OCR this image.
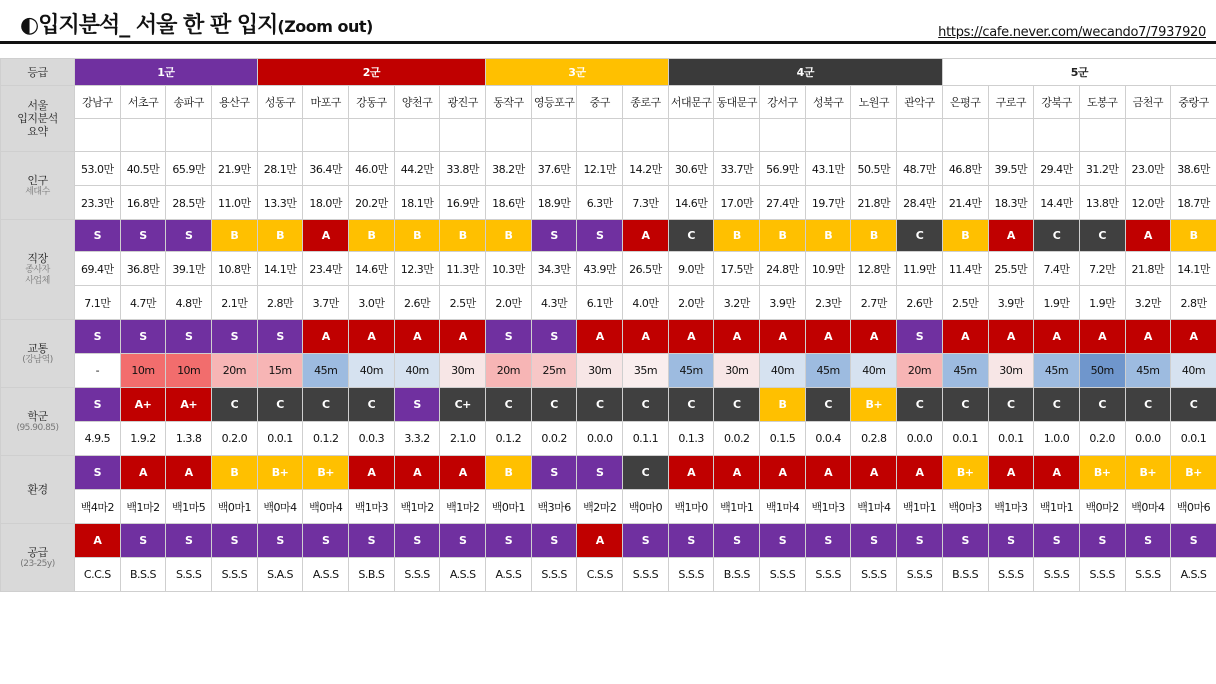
◐입지분석_ 서울 한 판 입지(Zoom out)	https://cafe.never.com/wecando7/7937920
등급	1군				2군					3군				4군						5군					

서울
입지분석
요약	강남구	서초구	송파구	용산구	성동구	마포구	강동구	양천구	광진구	동작구	영등포구	중구	종로구	서대문구	동대문구	강서구	성북구	노원구	관악구	은평구	구로구	강북구	도봉구	금천구	중랑구

인구
세대수	53.0만	40.5만	65.9만	21.9만	28.1만	36.4만	46.0만	44.2만	33.8만	38.2만	37.6만	12.1만	14.2만	30.6만	33.7만	56.9만	43.1만	50.5만	48.7만	46.8만	39.5만	29.4만	31.2만	23.0만	38.6만
	23.3만	16.8만	28.5만	11.0만	13.3만	18.0만	20.2만	18.1만	16.9만	18.6만	18.9만	6.3만	7.3만	14.6만	17.0만	27.4만	19.7만	21.8만	28.4만	21.4만	18.3만	14.4만	13.8만	12.0만	18.7만

직장
종사자
사업체	S	S	S	B	B	A	B	B	B	B	S	S	A	C	B	B	B	B	C	B	A	C	C	A	B
	69.4만	36.8만	39.1만	10.8만	14.1만	23.4만	14.6만	12.3만	11.3만	10.3만	34.3만	43.9만	26.5만	9.0만	17.5만	24.8만	10.9만	12.8만	11.9만	11.4만	25.5만	7.4만	7.2만	21.8만	14.1만
	7.1만	4.7만	4.8만	2.1만	2.8만	3.7만	3.0만	2.6만	2.5만	2.0만	4.3만	6.1만	4.0만	2.0만	3.2만	3.9만	2.3만	2.7만	2.6만	2.5만	3.9만	1.9만	1.9만	3.2만	2.8만

교통
(강남역)	S	S	S	S	S	A	A	A	A	S	S	A	A	A	A	A	A	A	S	A	A	A	A	A	A
	-	10m	10m	20m	15m	45m	40m	40m	30m	20m	25m	30m	35m	45m	30m	40m	45m	40m	20m	45m	30m	45m	50m	45m	40m

학군
(95.90.85)	S	A+	A+	C	C	C	C	S	C+	C	C	C	C	C	C	B	C	B+	C	C	C	C	C	C	C
	4.9.5	1.9.2	1.3.8	0.2.0	0.0.1	0.1.2	0.0.3	3.3.2	2.1.0	0.1.2	0.0.2	0.0.0	0.1.1	0.1.3	0.0.2	0.1.5	0.0.4	0.2.8	0.0.0	0.0.1	0.0.1	1.0.0	0.2.0	0.0.0	0.0.1

환경	S	A	A	B	B+	B+	A	A	A	B	S	S	C	A	A	A	A	A	A	B+	A	A	B+	B+	B+
	백4마2	백1마2	백1마5	백0마1	백0마4	백0마4	백1마3	백1마2	백1마2	백0마1	백3마6	백2마2	백0마0	백1마0	백1마1	백1마4	백1마3	백1마4	백1마1	백0마3	백1마3	백1마1	백0마2	백0마4	백0마6

공급
(23-25y)	A	S	S	S	S	S	S	S	S	S	S	A	S	S	S	S	S	S	S	S	S	S	S	S	S
	C.C.S	B.S.S	S.S.S	S.S.S	S.A.S	A.S.S	S.B.S	S.S.S	A.S.S	A.S.S	S.S.S	C.S.S	S.S.S	S.S.S	B.S.S	S.S.S	S.S.S	S.S.S	S.S.S	B.S.S	S.S.S	S.S.S	S.S.S	S.S.S	A.S.S
